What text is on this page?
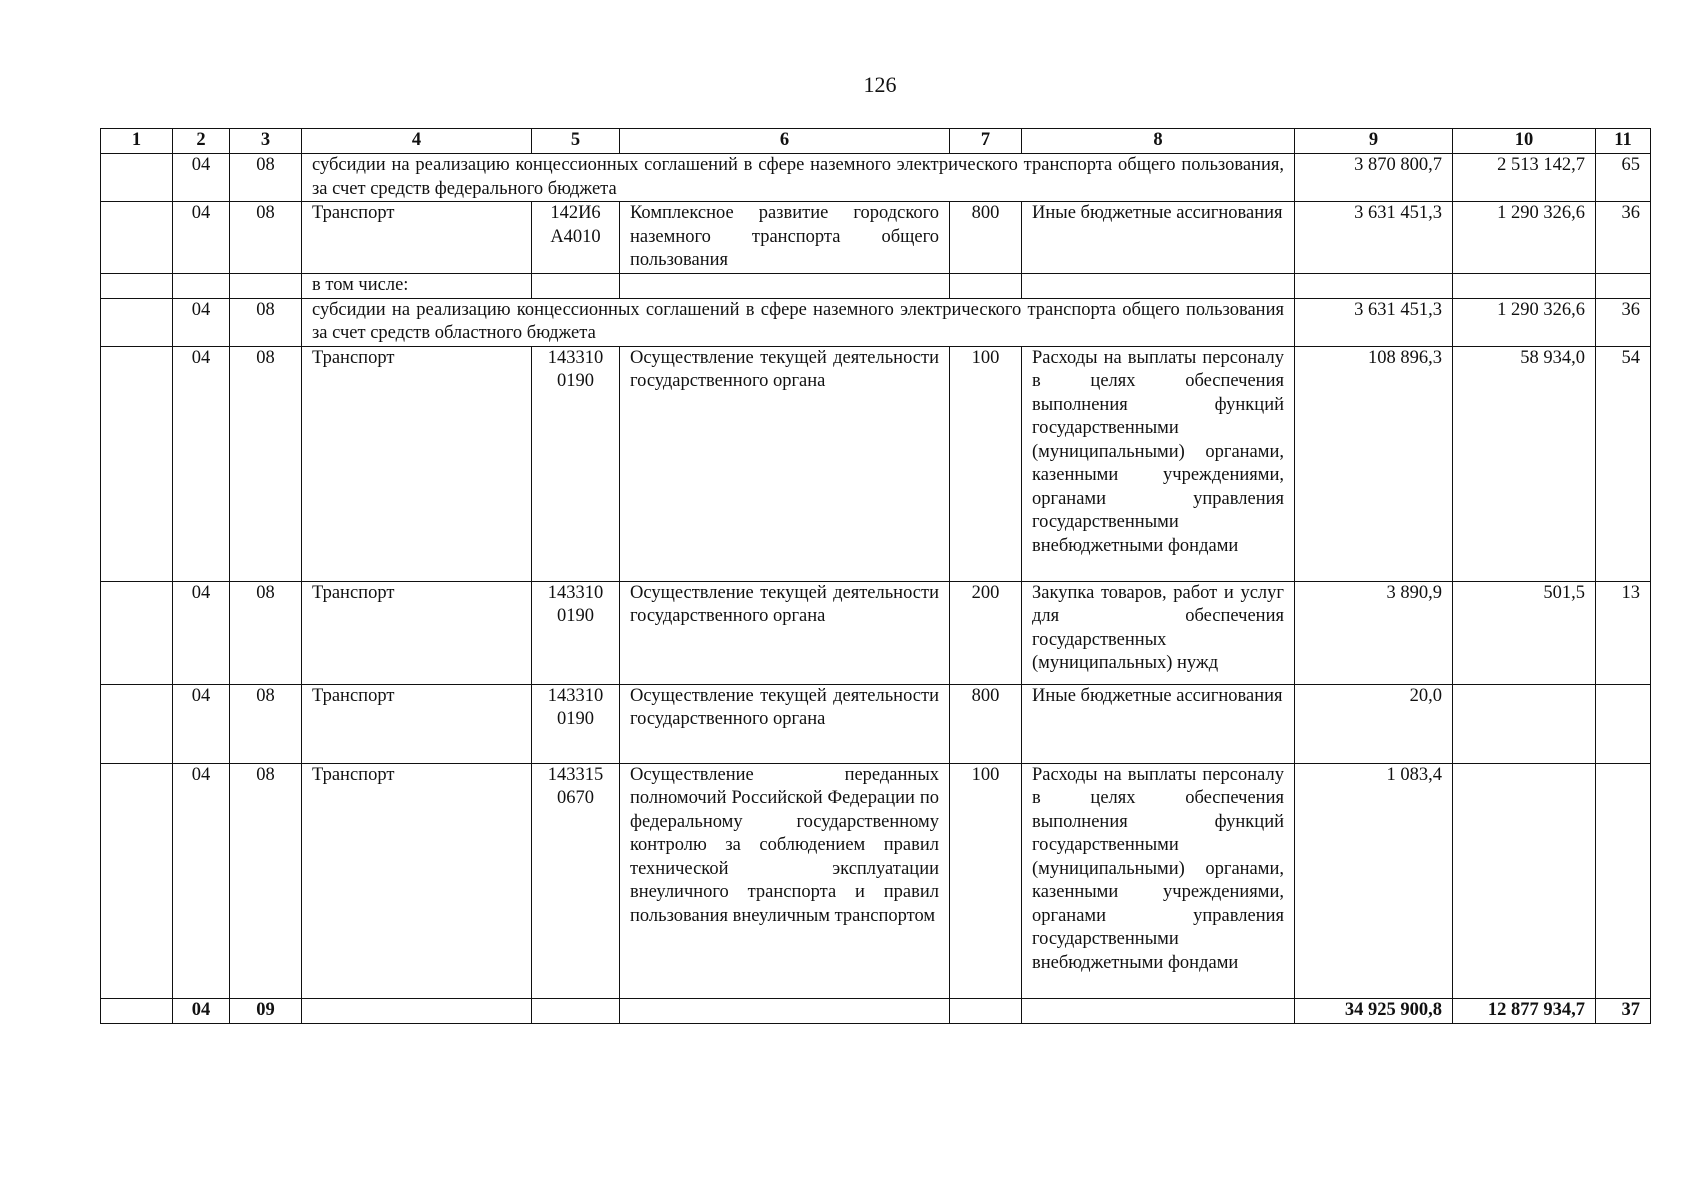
126
1	2	3	4	5	6	7	8	9	10	11
	04	08	субсидии на реализацию концессионных соглашений в сфере наземного электрического транспорта общего пользования, за счет средств федерального бюджета					3 870 800,7	2 513 142,7	65
	04	08	Транспорт	142И6 А4010	Комплексное развитие городского наземного транспорта общего пользования	800	Иные бюджетные ассигнования	3 631 451,3	1 290 326,6	36
			в том числе:							
	04	08	субсидии на реализацию концессионных соглашений в сфере наземного электрического транспорта общего пользования за счет средств областного бюджета					3 631 451,3	1 290 326,6	36
	04	08	Транспорт	143310 0190	Осуществление текущей деятельности государственного органа	100	Расходы на выплаты персоналу в целях обеспечения выполнения функций государственными (муниципальными) органами, казенными учреждениями, органами управления государственными внебюджетными фондами	108 896,3	58 934,0	54
	04	08	Транспорт	143310 0190	Осуществление текущей деятельности государственного органа	200	Закупка товаров, работ и услуг для обеспечения государственных (муниципальных) нужд	3 890,9	501,5	13
	04	08	Транспорт	143310 0190	Осуществление текущей деятельности государственного органа	800	Иные бюджетные ассигнования	20,0		
	04	08	Транспорт	143315 0670	Осуществление переданных полномочий Российской Федерации по федеральному государственному контролю за соблюдением правил технической эксплуатации внеуличного транспорта и правил пользования внеуличным транспортом	100	Расходы на выплаты персоналу в целях обеспечения выполнения функций государственными (муниципальными) органами, казенными учреждениями, органами управления государственными внебюджетными фондами	1 083,4		
	04	09						34 925 900,8	12 877 934,7	37
